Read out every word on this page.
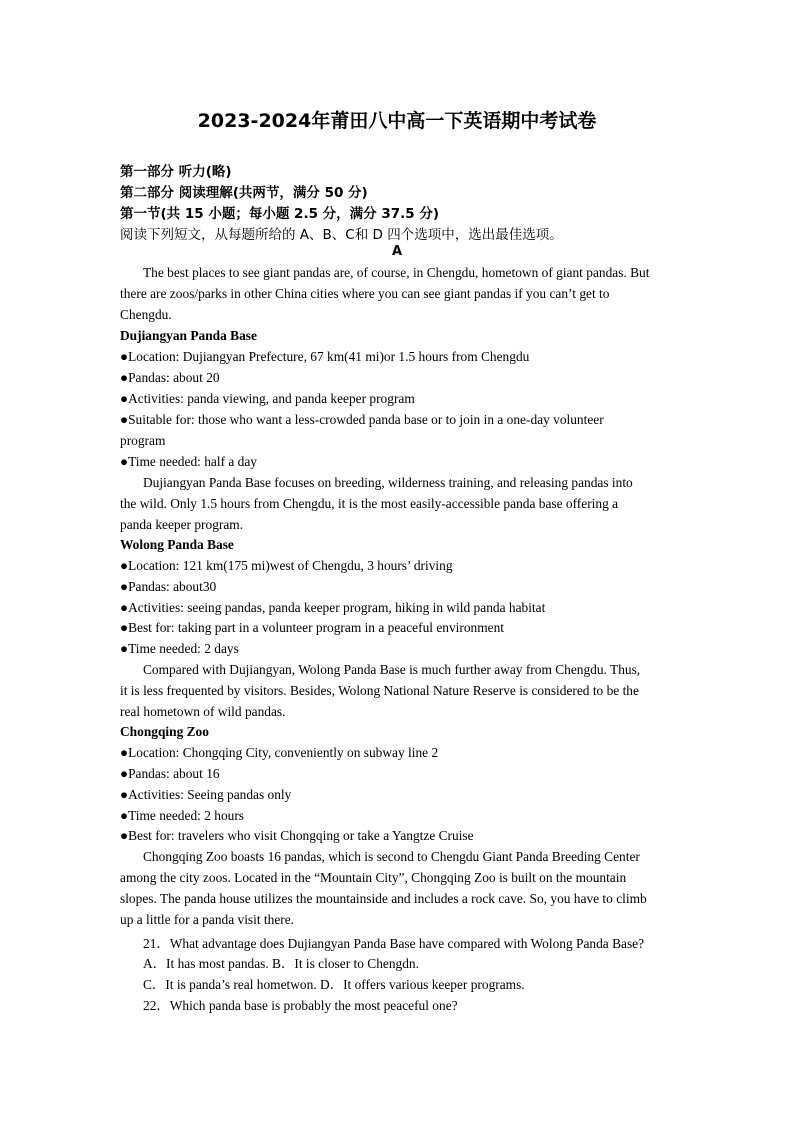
2023-2024年莆田八中高一下英语期中考试卷
第一部分 听力(略)
第二部分 阅读理解(共两节，满分 50 分)
第一节(共 15 小题；每小题 2.5 分，满分 37.5 分)
阅读下列短文，从每题所给的 A、B、C和 D 四个选项中，选出最佳选项。
A
The best places to see giant pandas are, of course, in Chengdu, hometown of giant pandas. But
there are zoos/parks in other China cities where you can see giant pandas if you can’t get to
Chengdu.
Dujiangyan Panda Base
●Location: Dujiangyan Prefecture, 67 km(41 mi)or 1.5 hours from Chengdu
●Pandas: about 20
●Activities: panda viewing, and panda keeper program
●Suitable for: those who want a less-crowded panda base or to join in a one-day volunteer
program
●Time needed: half a day
Dujiangyan Panda Base focuses on breeding, wilderness training, and releasing pandas into
the wild. Only 1.5 hours from Chengdu, it is the most easily-accessible panda base offering a
panda keeper program.
Wolong Panda Base
●Location: 121 km(175 mi)west of Chengdu, 3 hours’ driving
●Pandas: about30
●Activities: seeing pandas, panda keeper program, hiking in wild panda habitat
●Best for: taking part in a volunteer program in a peaceful environment
●Time needed: 2 days
Compared with Dujiangyan, Wolong Panda Base is much further away from Chengdu. Thus,
it is less frequented by visitors. Besides, Wolong National Nature Reserve is considered to be the
real hometown of wild pandas.
Chongqing Zoo
●Location: Chongqing City, conveniently on subway line 2
●Pandas: about 16
●Activities: Seeing pandas only
●Time needed: 2 hours
●Best for: travelers who visit Chongqing or take a Yangtze Cruise
Chongqing Zoo boasts 16 pandas, which is second to Chengdu Giant Panda Breeding Center
among the city zoos. Located in the “Mountain City”, Chongqing Zoo is built on the mountain
slopes. The panda house utilizes the mountainside and includes a rock cave. So, you have to climb
up a little for a panda visit there.
21．What advantage does Dujiangyan Panda Base have compared with Wolong Panda Base?
A．It has most pandas. B．It is closer to Chengdn.
C．It is panda’s real hometwon. D．It offers various keeper programs.
22．Which panda base is probably the most peaceful one?
